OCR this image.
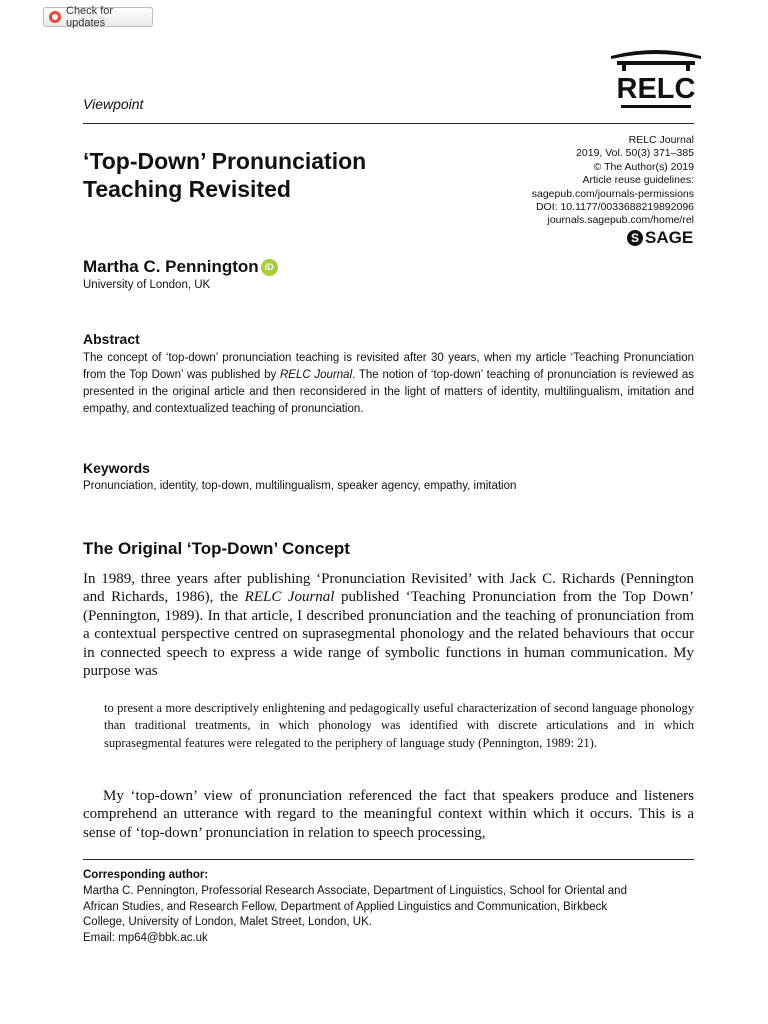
Check for updates
RELC
Viewpoint
‘Top-Down’ Pronunciation
Teaching Revisited
RELC Journal
2019, Vol. 50(3) 371–385
© The Author(s) 2019
Article reuse guidelines:
sagepub.com/journals-permissions
DOI: 10.1177/0033688219892096
journals.sagepub.com/home/rel
S SAGE
Martha C. Pennington iD
University of London, UK
Abstract
The concept of ‘top-down’ pronunciation teaching is revisited after 30 years, when my article ‘Teaching Pronunciation from the Top Down’ was published by RELC Journal. The notion of ‘top-down’ teaching of pronunciation is reviewed as presented in the original article and then reconsidered in the light of matters of identity, multilingualism, imitation and empathy, and contextualized teaching of pronunciation.
Keywords
Pronunciation, identity, top-down, multilingualism, speaker agency, empathy, imitation
The Original ‘Top-Down’ Concept
In 1989, three years after publishing ‘Pronunciation Revisited’ with Jack C. Richards (Pennington and Richards, 1986), the RELC Journal published ‘Teaching Pronunciation from the Top Down’ (Pennington, 1989). In that article, I described pronunciation and the teaching of pronunciation from a contextual perspective centred on suprasegmental phonology and the related behaviours that occur in connected speech to express a wide range of symbolic functions in human communication. My purpose was
to present a more descriptively enlightening and pedagogically useful characterization of second language phonology than traditional treatments, in which phonology was identified with discrete articulations and in which suprasegmental features were relegated to the periphery of language study (Pennington, 1989: 21).
My ‘top-down’ view of pronunciation referenced the fact that speakers produce and listeners comprehend an utterance with regard to the meaningful context within which it occurs. This is a sense of ‘top-down’ pronunciation in relation to speech processing,
Corresponding author:
Martha C. Pennington, Professorial Research Associate, Department of Linguistics, School for Oriental and
African Studies, and Research Fellow, Department of Applied Linguistics and Communication, Birkbeck
College, University of London, Malet Street, London, UK.
Email: mp64@bbk.ac.uk
